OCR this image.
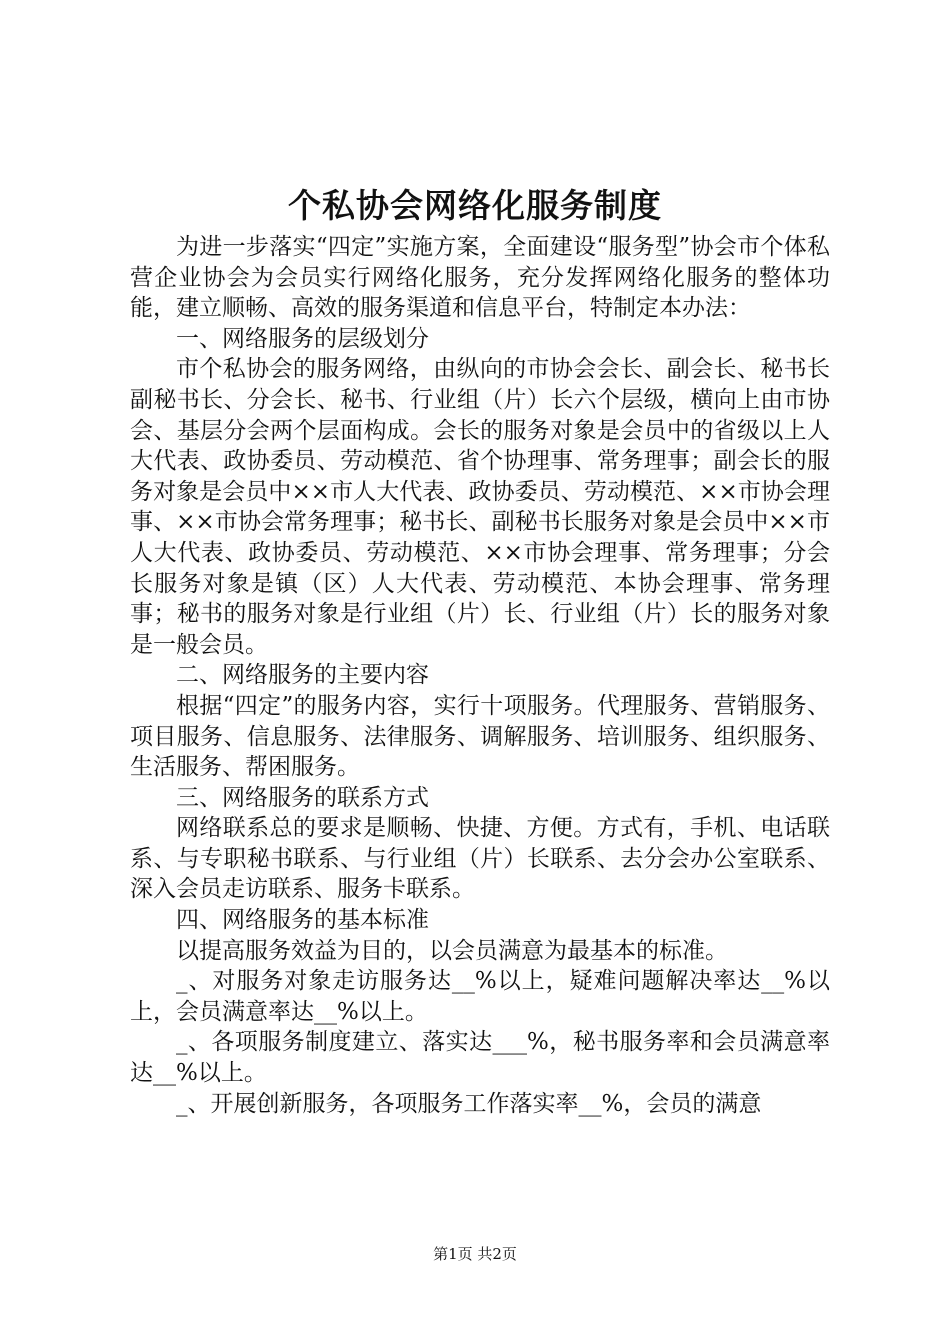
个私协会网络化服务制度

为进一步落实“四定”实施方案，全面建设“服务型”协会市个体私营企业协会为会员实行网络化服务，充分发挥网络化服务的整体功能，建立顺畅、高效的服务渠道和信息平台，特制定本办法：

一、网络服务的层级划分

市个私协会的服务网络，由纵向的市协会会长、副会长、秘书长副秘书长、分会长、秘书、行业组（片）长六个层级，横向上由市协会、基层分会两个层面构成。会长的服务对象是会员中的省级以上人大代表、政协委员、劳动模范、省个协理事、常务理事；副会长的服务对象是会员中××市人大代表、政协委员、劳动模范、××市协会理事、××市协会常务理事；秘书长、副秘书长服务对象是会员中××市人大代表、政协委员、劳动模范、××市协会理事、常务理事；分会长服务对象是镇（区）人大代表、劳动模范、本协会理事、常务理事；秘书的服务对象是行业组（片）长、行业组（片）长的服务对象是一般会员。

二、网络服务的主要内容

根据“四定”的服务内容，实行十项服务。代理服务、营销服务、项目服务、信息服务、法律服务、调解服务、培训服务、组织服务、生活服务、帮困服务。

三、网络服务的联系方式

网络联系总的要求是顺畅、快捷、方便。方式有，手机、电话联系、与专职秘书联系、与行业组（片）长联系、去分会办公室联系、深入会员走访联系、服务卡联系。

四、网络服务的基本标准

以提高服务效益为目的，以会员满意为最基本的标准。

_、对服务对象走访服务达__%以上，疑难问题解决率达__%以上，会员满意率达__%以上。

_、各项服务制度建立、落实达___%，秘书服务率和会员满意率达__%以上。

_、开展创新服务，各项服务工作落实率__%，会员的满意

第1页 共2页
